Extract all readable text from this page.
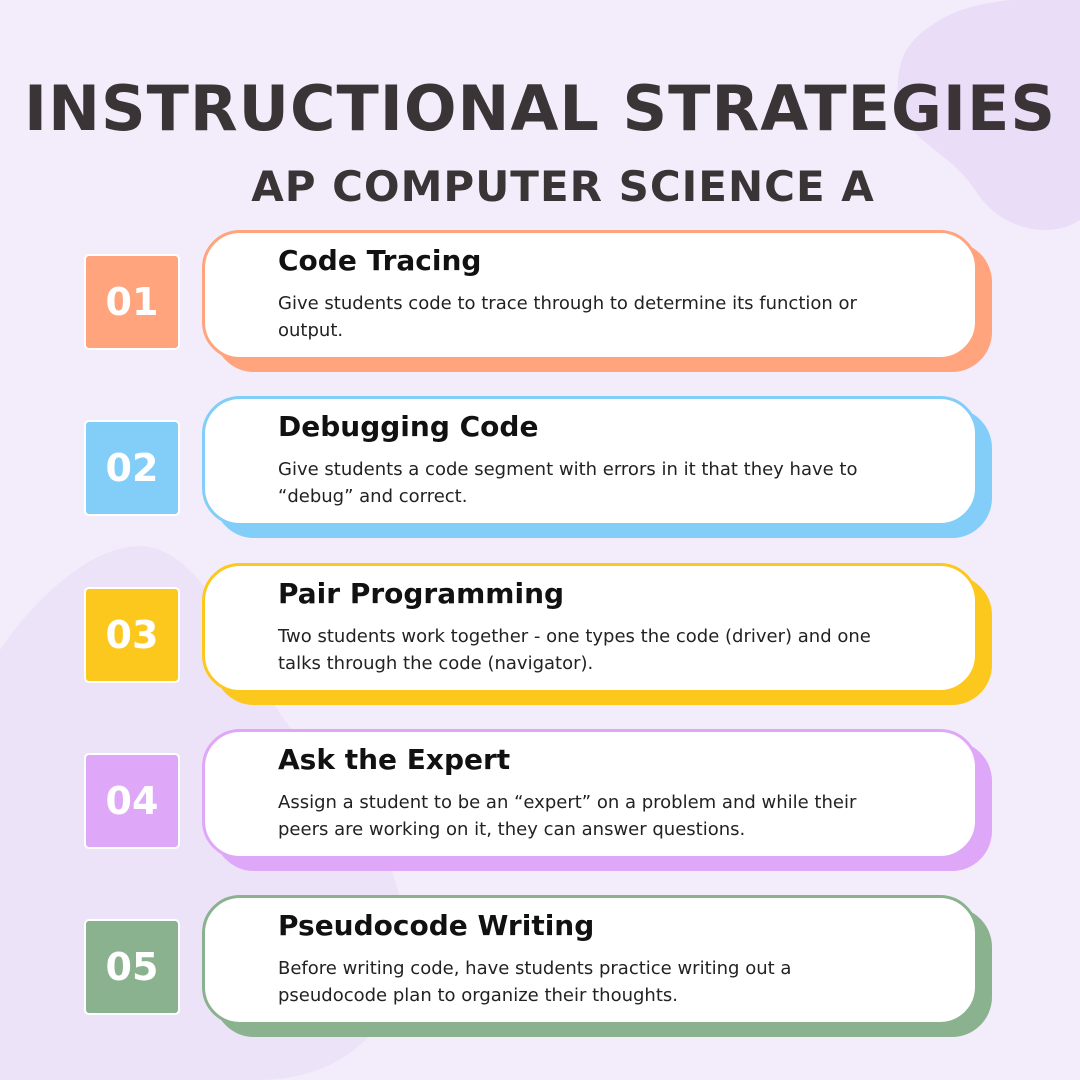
INSTRUCTIONAL STRATEGIES
AP COMPUTER SCIENCE A
01
Code Tracing
Give students code to trace through to determine its function or output.
02
Debugging Code
Give students a code segment with errors in it that they have to “debug” and correct.
03
Pair Programming
Two students work together - one types the code (driver) and one talks through the code (navigator).
04
Ask the Expert
Assign a student to be an “expert” on a problem and while their peers are working on it, they can answer questions.
05
Pseudocode Writing
Before writing code, have students practice writing out a pseudocode plan to organize their thoughts.
